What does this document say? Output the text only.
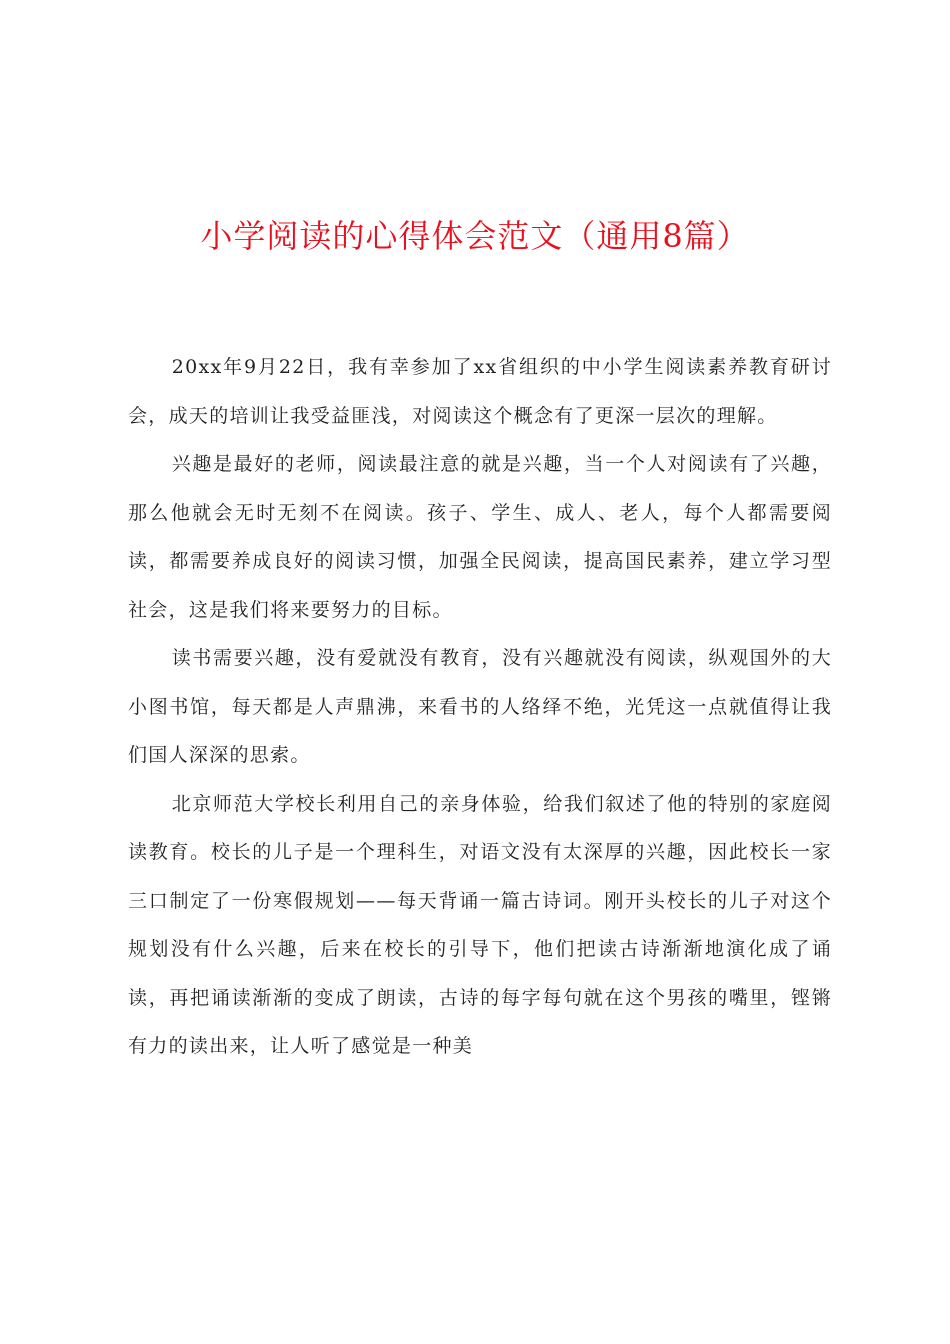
小学阅读的心得体会范文（通用8篇）

20xx年9月22日，我有幸参加了xx省组织的中小学生阅读素养教育研讨会，成天的培训让我受益匪浅，对阅读这个概念有了更深一层次的理解。

兴趣是最好的老师，阅读最注意的就是兴趣，当一个人对阅读有了兴趣，那么他就会无时无刻不在阅读。孩子、学生、成人、老人，每个人都需要阅读，都需要养成良好的阅读习惯，加强全民阅读，提高国民素养，建立学习型社会，这是我们将来要努力的目标。

读书需要兴趣，没有爱就没有教育，没有兴趣就没有阅读，纵观国外的大小图书馆，每天都是人声鼎沸，来看书的人络绎不绝，光凭这一点就值得让我们国人深深的思索。

北京师范大学校长利用自己的亲身体验，给我们叙述了他的特别的家庭阅读教育。校长的儿子是一个理科生，对语文没有太深厚的兴趣，因此校长一家三口制定了一份寒假规划——每天背诵一篇古诗词。刚开头校长的儿子对这个规划没有什么兴趣，后来在校长的引导下，他们把读古诗渐渐地演化成了诵读，再把诵读渐渐的变成了朗读，古诗的每字每句就在这个男孩的嘴里，铿锵有力的读出来，让人听了感觉是一种美
